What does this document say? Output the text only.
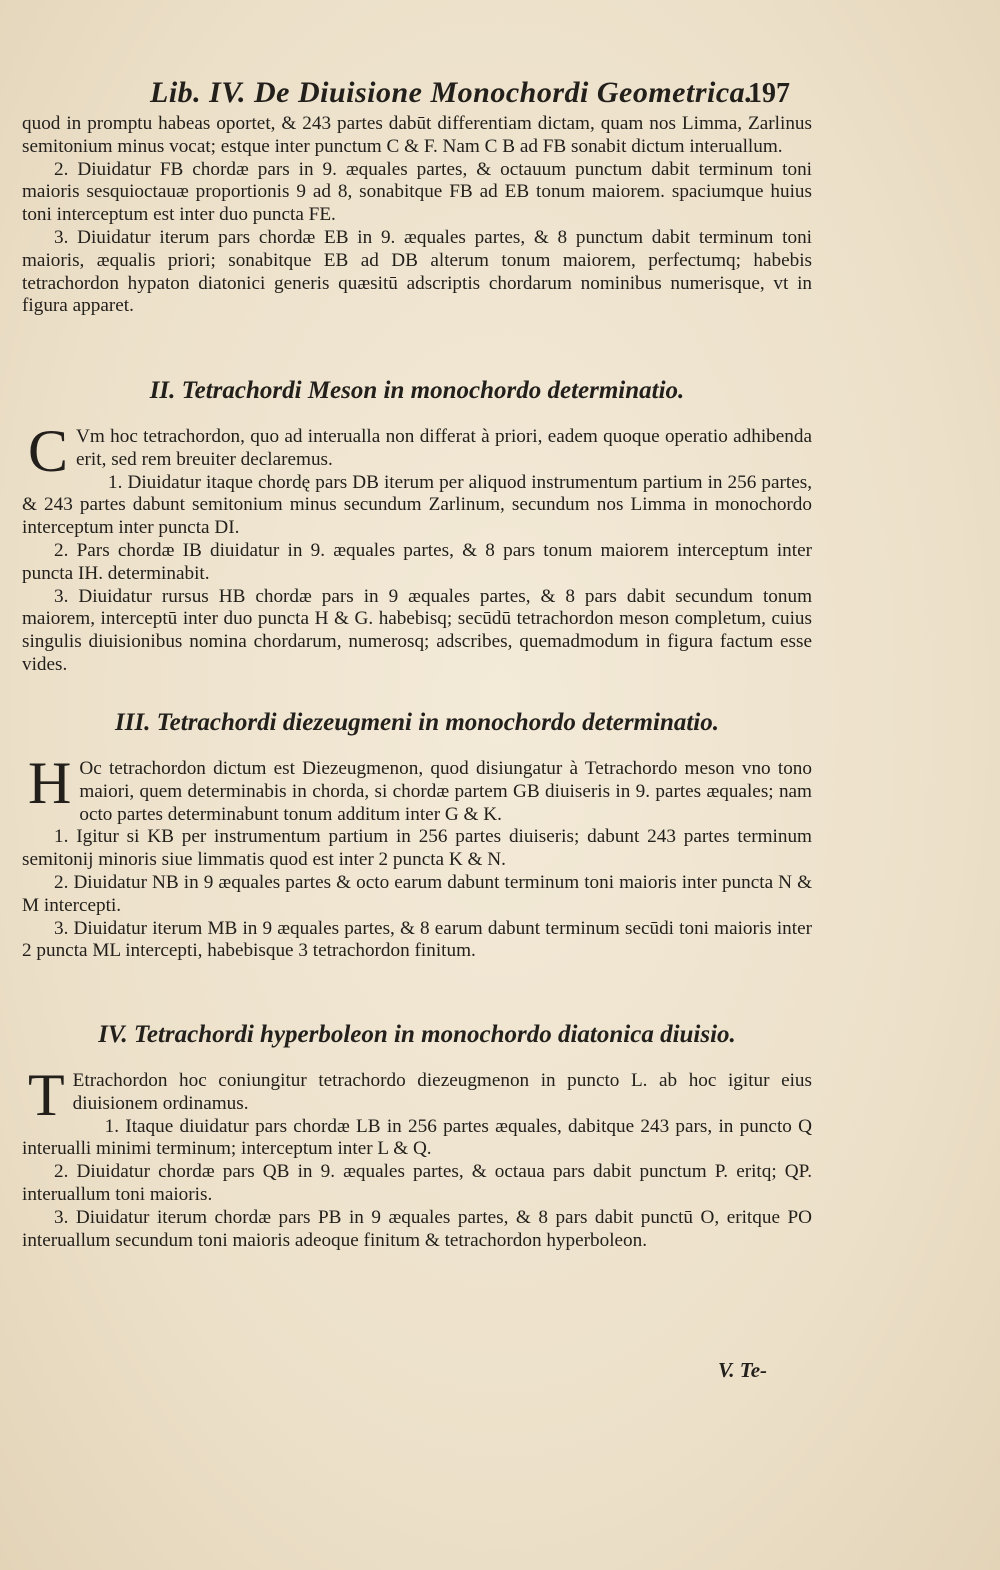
Lib. IV. De Diuisione Monochordi Geometrica.
197

quod in promptu habeas oportet, & 243 partes dabūt differentiam dictam, quam nos Limma, Zarlinus semitonium minus vocat; estque inter punctum C & F. Nam C B ad FB sonabit dictum interuallum.

2. Diuidatur FB chordæ pars in 9. æquales partes, & octauum punctum dabit terminum toni maioris sesquioctauæ proportionis 9 ad 8, sonabitque FB ad EB tonum maiorem. spaciumque huius toni interceptum est inter duo puncta FE.

3. Diuidatur iterum pars chordæ EB in 9. æquales partes, & 8 punctum dabit terminum toni maioris, æqualis priori; sonabitque EB ad DB alterum tonum maiorem, perfectumq; habebis tetrachordon hypaton diatonici generis quæsitū adscriptis chordarum nominibus numerisque, vt in figura apparet.

II. Tetrachordi Meson in monochordo determinatio.
C Vm hoc tetrachordon, quo ad interualla non differat à priori, eadem quoque operatio adhibenda erit, sed rem breuiter declaremus.

1. Diuidatur itaque chordę pars DB iterum per aliquod instrumentum partium in 256 partes, & 243 partes dabunt semitonium minus secundum Zarlinum, secundum nos Limma in monochordo interceptum inter puncta DI.

2. Pars chordæ IB diuidatur in 9. æquales partes, & 8 pars tonum maiorem interceptum inter puncta IH. determinabit.

3. Diuidatur rursus HB chordæ pars in 9 æquales partes, & 8 pars dabit secundum tonum maiorem, interceptū inter duo puncta H & G. habebisq; secūdū tetrachordon meson completum, cuius singulis diuisionibus nomina chordarum, numerosq; adscribes, quemadmodum in figura factum esse vides.

III. Tetrachordi diezeugmeni in monochordo determinatio.
H Oc tetrachordon dictum est Diezeugmenon, quod disiungatur à Tetrachordo meson vno tono maiori, quem determinabis in chorda, si chordæ partem GB diuiseris in 9. partes æquales; nam octo partes determinabunt tonum additum inter G & K.

1. Igitur si KB per instrumentum partium in 256 partes diuiseris; dabunt 243 partes terminum semitonij minoris siue limmatis quod est inter 2 puncta K & N.

2. Diuidatur NB in 9 æquales partes & octo earum dabunt terminum toni maioris inter puncta N & M intercepti.

3. Diuidatur iterum MB in 9 æquales partes, & 8 earum dabunt terminum secūdi toni maioris inter 2 puncta ML intercepti, habebisque 3 tetrachordon finitum.

IV. Tetrachordi hyperboleon in monochordo diatonica diuisio.
T Etrachordon hoc coniungitur tetrachordo diezeugmenon in puncto L. ab hoc igitur eius diuisionem ordinamus.

1. Itaque diuidatur pars chordæ LB in 256 partes æquales, dabitque 243 pars, in puncto Q interualli minimi terminum; interceptum inter L & Q.

2. Diuidatur chordæ pars QB in 9. æquales partes, & octaua pars dabit punctum P. eritq; QP. interuallum toni maioris.

3. Diuidatur iterum chordæ pars PB in 9 æquales partes, & 8 pars dabit punctū O, eritque PO interuallum secundum toni maioris adeoque finitum & tetrachordon hyperboleon.

V. Te-
